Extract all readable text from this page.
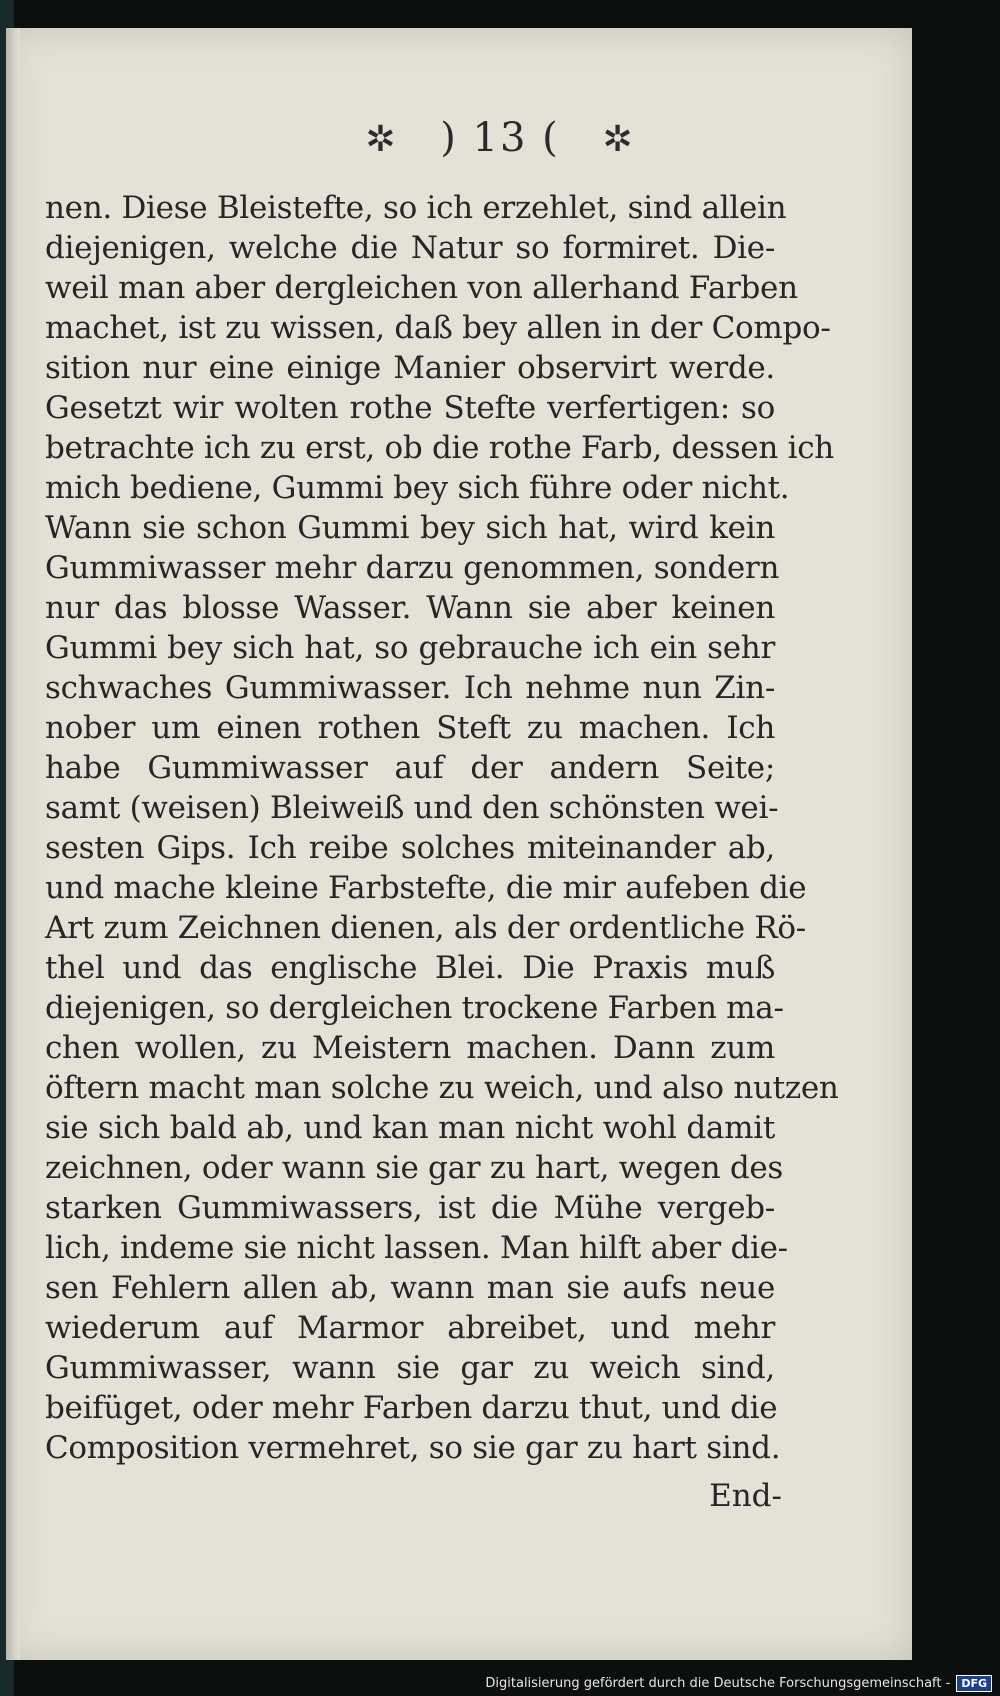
✲ ) 13 ( ✲
nen. Diese Bleistefte, so ich erzehlet, sind allein
diejenigen, welche die Natur so formiret. Die-
weil man aber dergleichen von allerhand Farben
machet, ist zu wissen, daß bey allen in der Compo-
sition nur eine einige Manier observirt werde.
Gesetzt wir wolten rothe Stefte verfertigen: so
betrachte ich zu erst, ob die rothe Farb, dessen ich
mich bediene, Gummi bey sich führe oder nicht.
Wann sie schon Gummi bey sich hat, wird kein
Gummiwasser mehr darzu genommen, sondern
nur das blosse Wasser. Wann sie aber keinen
Gummi bey sich hat, so gebrauche ich ein sehr
schwaches Gummiwasser. Ich nehme nun Zin-
nober um einen rothen Steft zu machen. Ich
habe Gummiwasser auf der andern Seite;
samt (weisen) Bleiweiß und den schönsten wei-
sesten Gips. Ich reibe solches miteinander ab,
und mache kleine Farbstefte, die mir aufeben die
Art zum Zeichnen dienen, als der ordentliche Rö-
thel und das englische Blei. Die Praxis muß
diejenigen, so dergleichen trockene Farben ma-
chen wollen, zu Meistern machen. Dann zum
öftern macht man solche zu weich, und also nutzen
sie sich bald ab, und kan man nicht wohl damit
zeichnen, oder wann sie gar zu hart, wegen des
starken Gummiwassers, ist die Mühe vergeb-
lich, indeme sie nicht lassen. Man hilft aber die-
sen Fehlern allen ab, wann man sie aufs neue
wiederum auf Marmor abreibet, und mehr
Gummiwasser, wann sie gar zu weich sind,
beifüget, oder mehr Farben darzu thut, und die
Composition vermehret, so sie gar zu hart sind.
End-
Digitalisierung gefördert durch die Deutsche Forschungsgemeinschaft -	DFG
